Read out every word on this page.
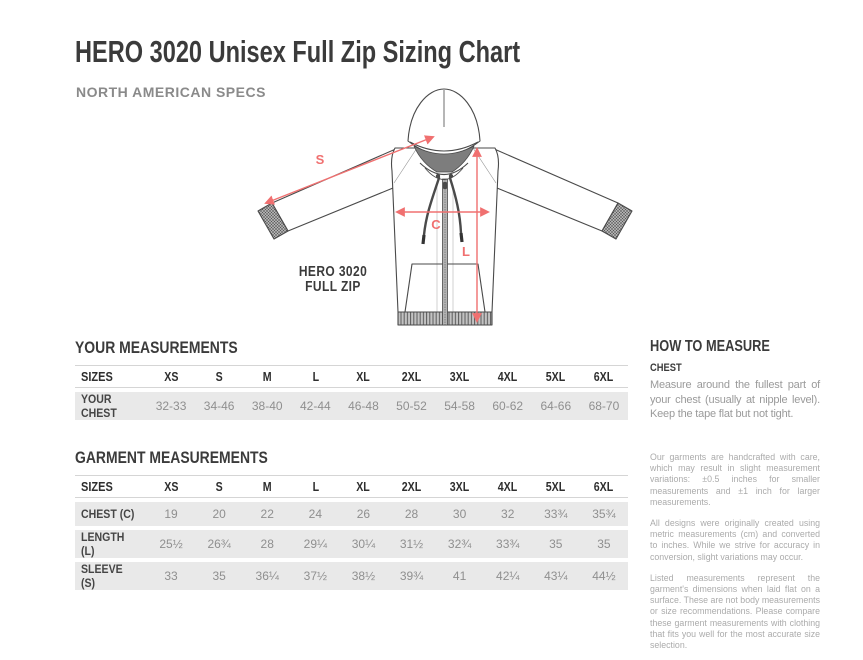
HERO 3020 Unisex Full Zip Sizing Chart
NORTH AMERICAN SPECS
S
C
L
HERO 3020
FULL ZIP
YOUR MEASUREMENTS
SIZES	XS	S	M	L	XL	2XL	3XL	4XL	5XL	6XL
YOUR CHEST	32-33	34-46	38-40	42-44	46-48	50-52	54-58	60-62	64-66	68-70
GARMENT MEASUREMENTS
SIZES	XS	S	M	L	XL	2XL	3XL	4XL	5XL	6XL
CHEST (C)	19	20	22	24	26	28	30	32	33¾	35¾
LENGTH (L)	25½	26¾	28	29¼	30¼	31½	32¾	33¾	35	35
SLEEVE (S)	33	35	36¼	37½	38½	39¾	41	42¼	43¼	44½
HOW TO MEASURE
CHEST

Measure around the fullest part of your chest (usually at nipple level). Keep the tape flat but not tight.

Our garments are handcrafted with care, which may result in slight measurement variations: ±0.5 inches for smaller measurements and ±1 inch for larger measurements.

All designs were originally created using metric measurements (cm) and converted to inches. While we strive for accuracy in conversion, slight variations may occur.

Listed measurements represent the garment's dimensions when laid flat on a surface. These are not body measurements or size recommendations. Please compare these garment measurements with clothing that fits you well for the most accurate size selection.
